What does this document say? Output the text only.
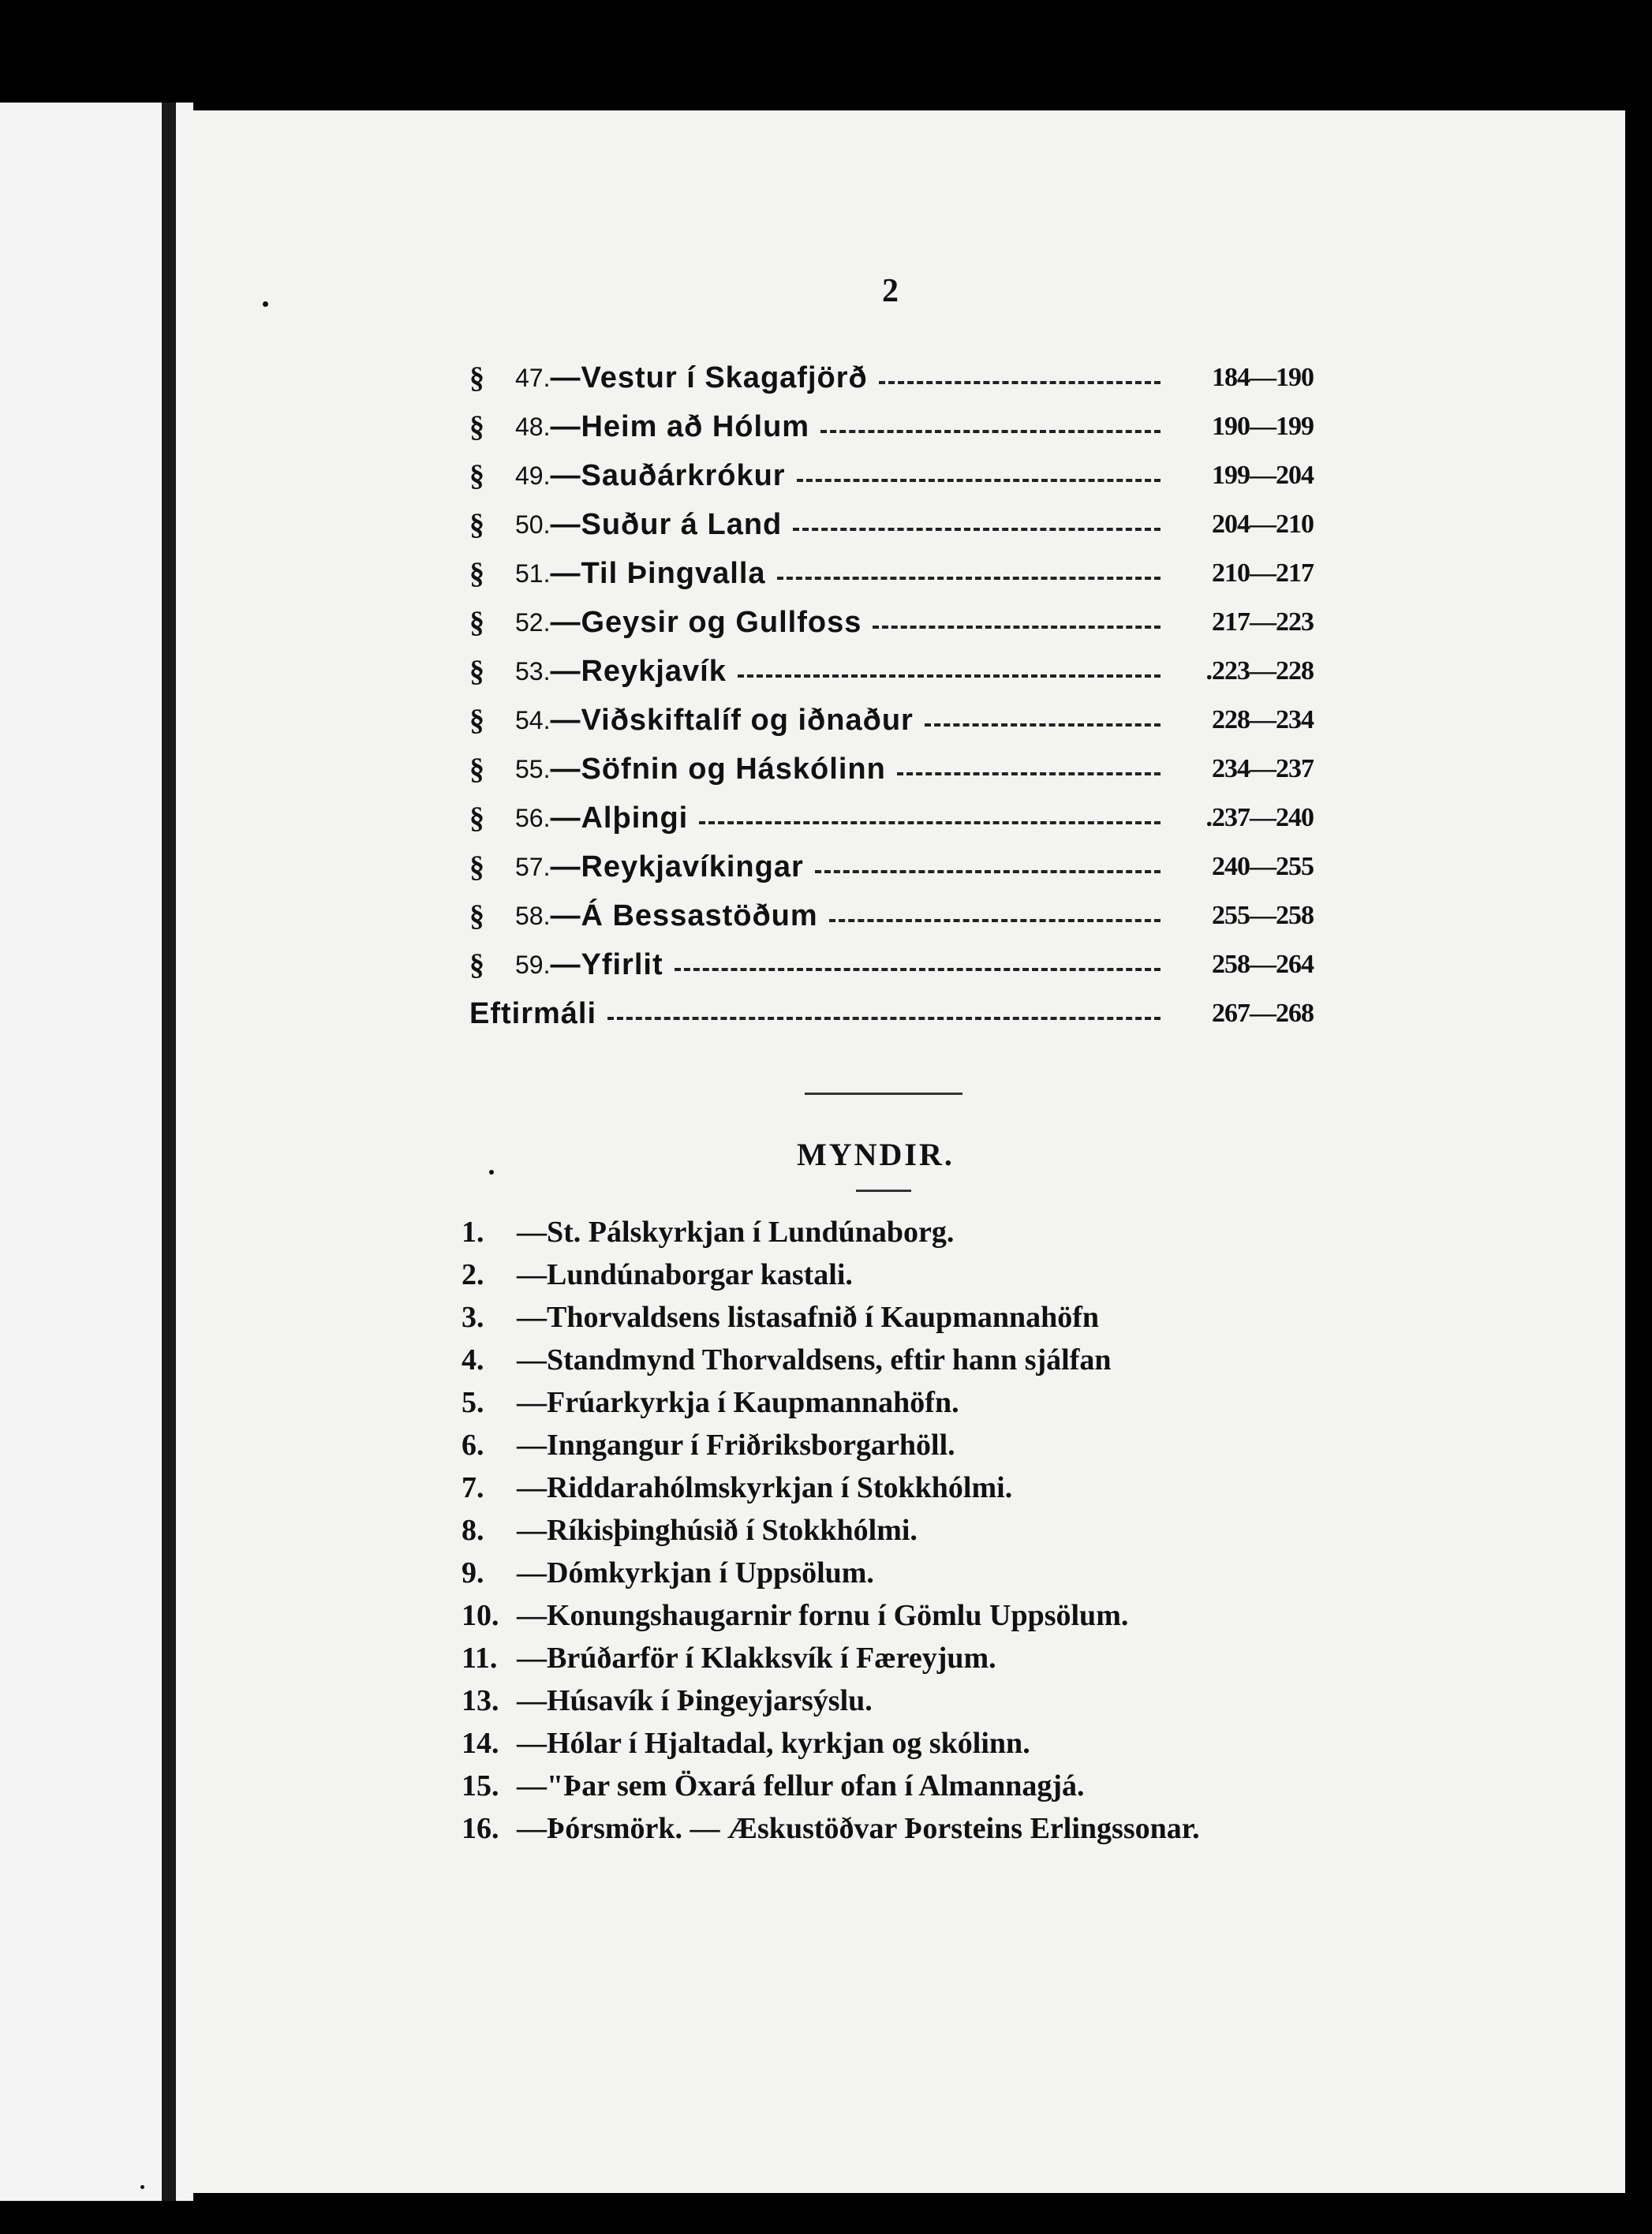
2
§	47. —Vestur í Skagafjörð	184—190
§	48. —Heim að Hólum	190—199
§	49. —Sauðárkrókur	199—204
§	50. —Suður á Land	204—210
§	51. —Til Þingvalla	210—217
§	52. —Geysir og Gullfoss	217—223
§	53. —Reykjavík	.223—228
§	54. —Viðskiftalíf og iðnaður	228—234
§	55. —Söfnin og Háskólinn	234—237
§	56. —Alþingi	.237—240
§	57. —Reykjavíkingar	240—255
§	58. —Á Bessastöðum	255—258
§	59. —Yfirlit	258—264
Eftirmáli	267—268
MYNDIR.
1.	—St. Pálskyrkjan í Lundúnaborg.
2.	—Lundúnaborgar kastali.
3.	—Thorvaldsens listasafnið í Kaupmannahöfn
4.	—Standmynd Thorvaldsens, eftir hann sjálfan
5.	—Frúarkyrkja í Kaupmannahöfn.
6.	—Inngangur í Friðriksborgarhöll.
7.	—Riddarahólmskyrkjan í Stokkhólmi.
8.	—Ríkisþinghúsið í Stokkhólmi.
9.	—Dómkyrkjan í Uppsölum.
10. —Konungshaugarnir fornu í Gömlu Uppsölum.
11. —Brúðarför í Klakksvík í Færeyjum.
13. —Húsavík í Þingeyjarsýslu.
14. —Hólar í Hjaltadal, kyrkjan og skólinn.
15. —"Þar sem Öxará fellur ofan í Almannagjá.
16. —Þórsmörk. — Æskustöðvar Þorsteins Erlingssonar.
